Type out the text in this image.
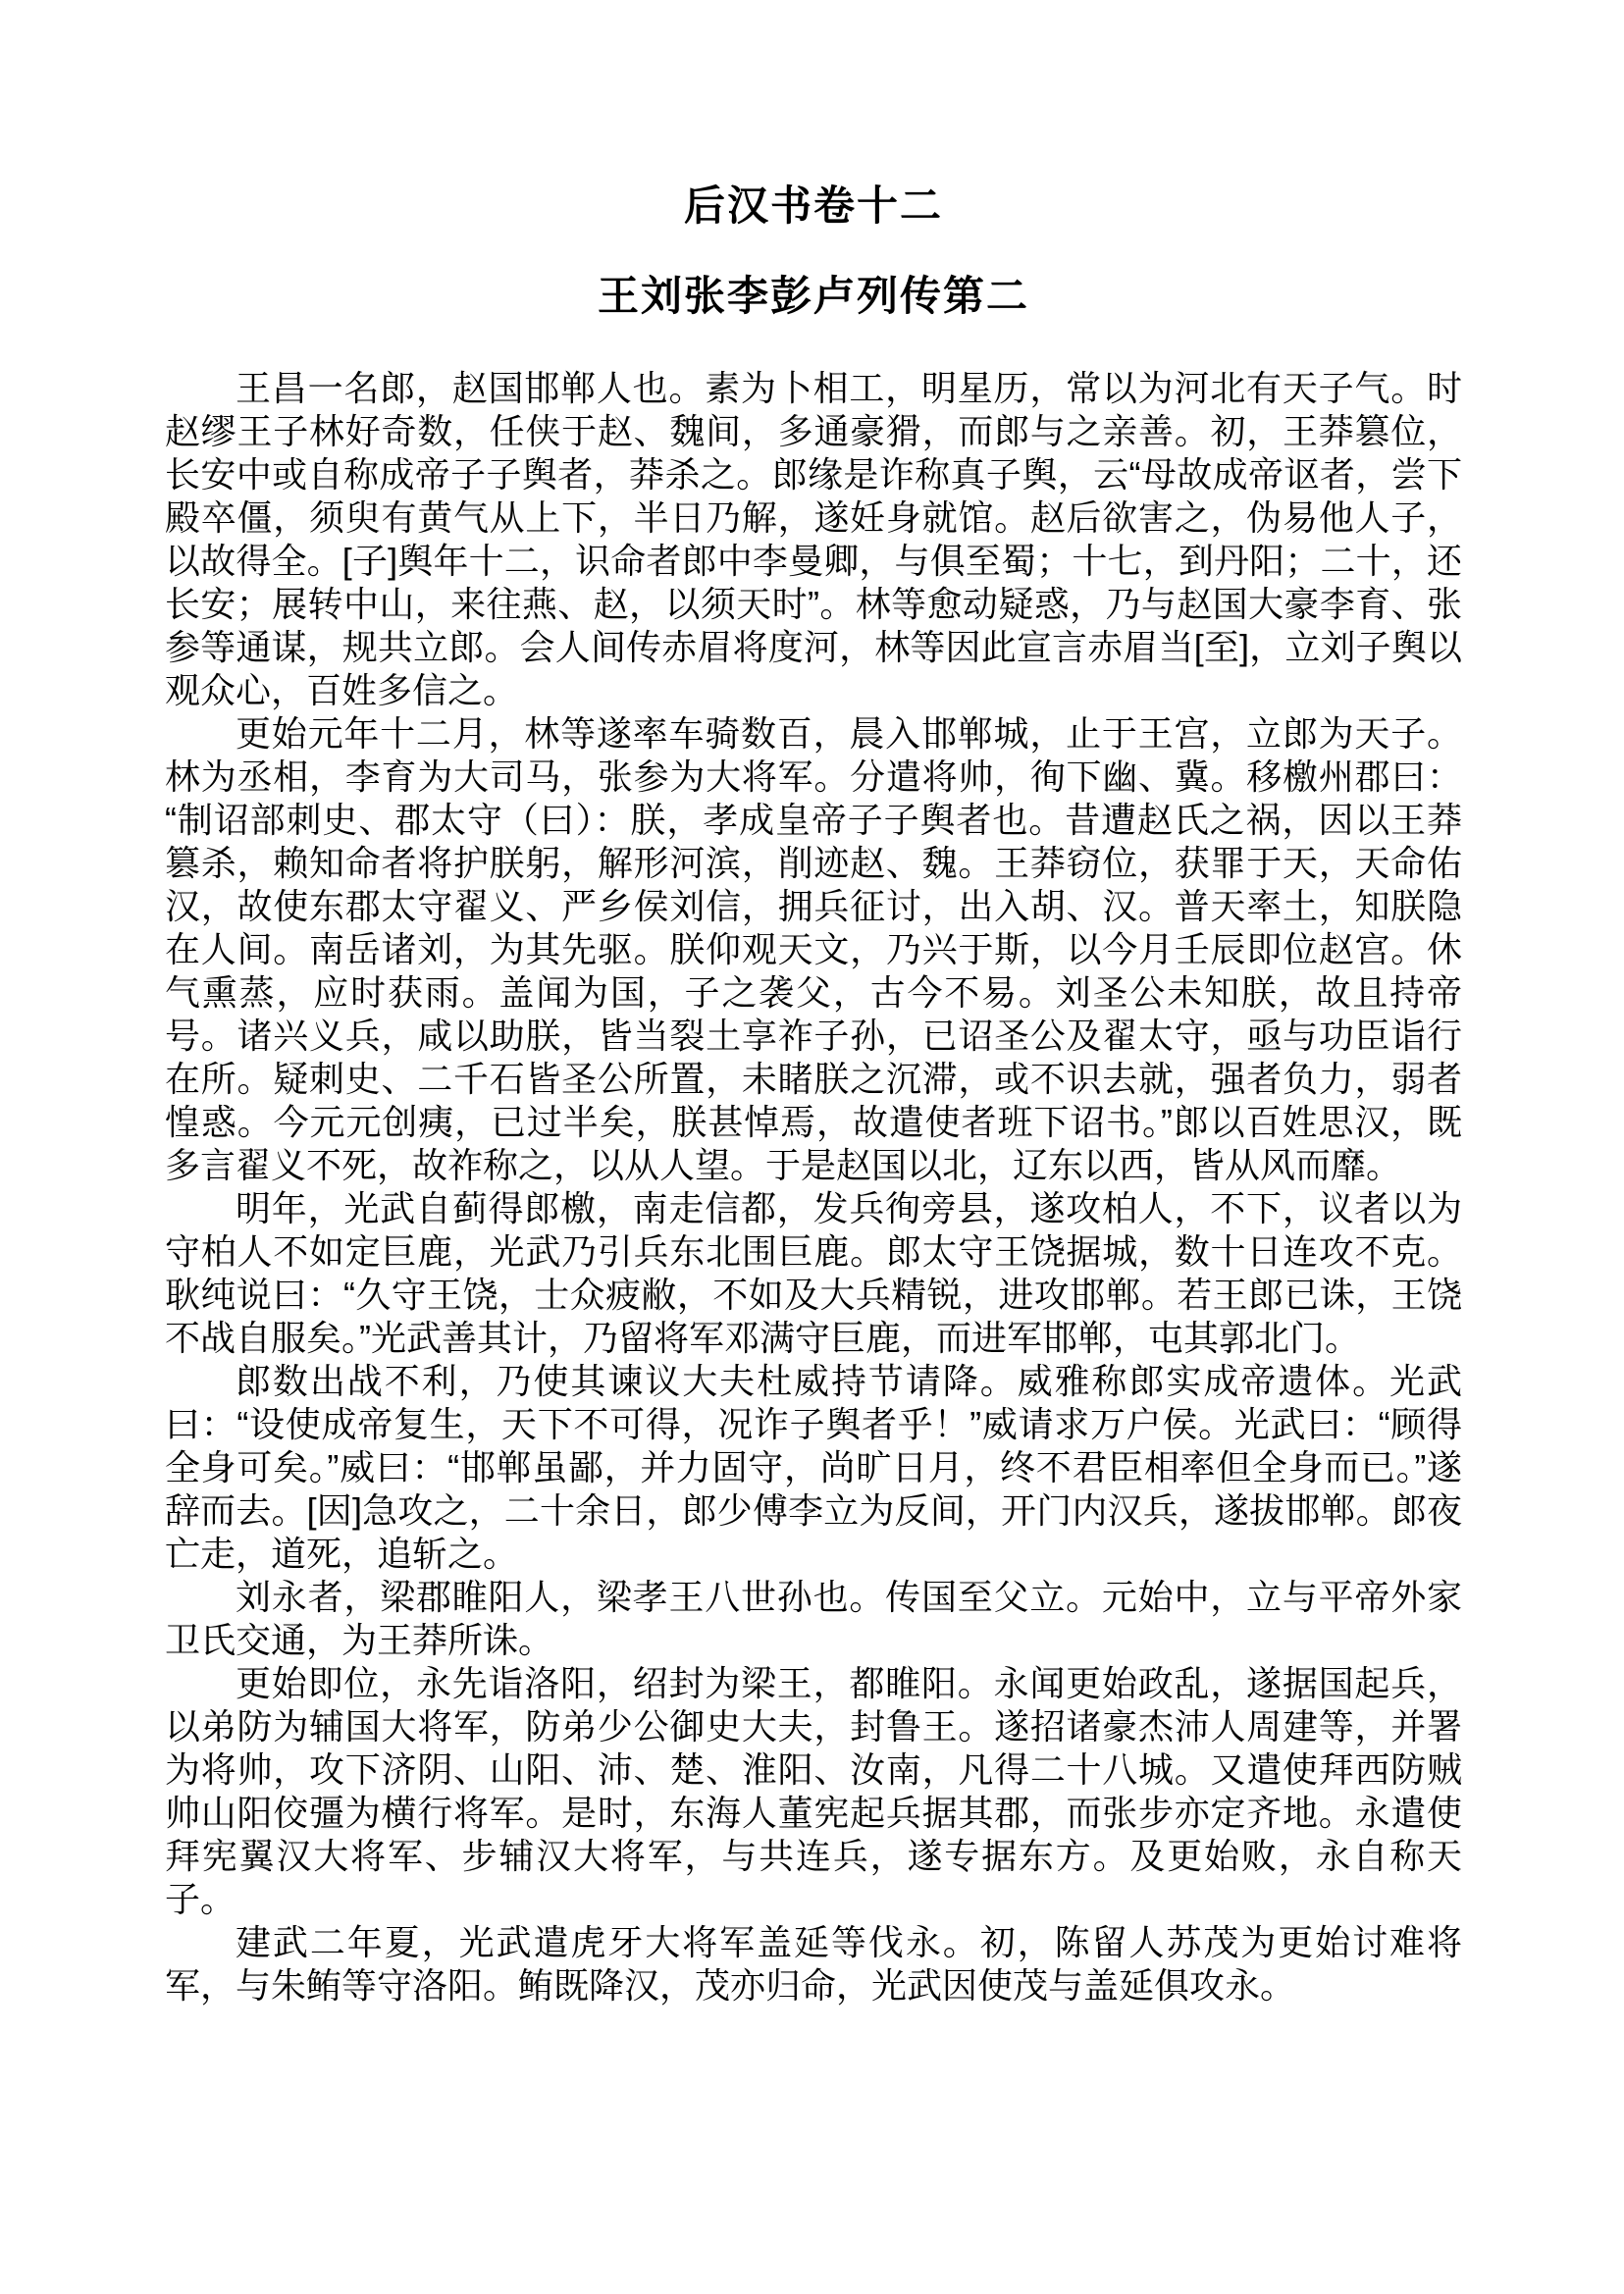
后汉书卷十二
王刘张李彭卢列传第二

王昌一名郎，赵国邯郸人也。素为卜相工，明星历，常以为河北有天子气。时赵缪王子林好奇数，任侠于赵、魏间，多通豪猾，而郎与之亲善。初，王莽篡位，长安中或自称成帝子子舆者，莽杀之。郎缘是诈称真子舆，云“母故成帝讴者，尝下殿卒僵，须臾有黄气从上下，半日乃解，遂妊身就馆。赵后欲害之，伪易他人子，以故得全。[子]舆年十二，识命者郎中李曼卿，与俱至蜀；十七，到丹阳；二十，还长安；展转中山，来往燕、赵，以须天时”。林等愈动疑惑，乃与赵国大豪李育、张参等通谋，规共立郎。会人间传赤眉将度河，林等因此宣言赤眉当[至]，立刘子舆以观众心，百姓多信之。

更始元年十二月，林等遂率车骑数百，晨入邯郸城，止于王宫，立郎为天子。林为丞相，李育为大司马，张参为大将军。分遣将帅，徇下幽、冀。移檄州郡曰：“制诏部刺史、郡太守（曰）：朕，孝成皇帝子子舆者也。昔遭赵氏之祸，因以王莽篡杀，赖知命者将护朕躬，解形河滨，削迹赵、魏。王莽窃位，获罪于天，天命佑汉，故使东郡太守翟义、严乡侯刘信，拥兵征讨，出入胡、汉。普天率土，知朕隐在人间。南岳诸刘，为其先驱。朕仰观天文，乃兴于斯，以今月壬辰即位赵宫。休气熏蒸，应时获雨。盖闻为国，子之袭父，古今不易。刘圣公未知朕，故且持帝号。诸兴义兵，咸以助朕，皆当裂土享祚子孙，已诏圣公及翟太守，亟与功臣诣行在所。疑刺史、二千石皆圣公所置，未睹朕之沉滞，或不识去就，强者负力，弱者惶惑。今元元创痍，已过半矣，朕甚悼焉，故遣使者班下诏书。”郎以百姓思汉，既多言翟义不死，故祚称之，以从人望。于是赵国以北，辽东以西，皆从风而靡。

明年，光武自蓟得郎檄，南走信都，发兵徇旁县，遂攻柏人，不下，议者以为守柏人不如定巨鹿，光武乃引兵东北围巨鹿。郎太守王饶据城，数十日连攻不克。耿纯说曰：“久守王饶，士众疲敝，不如及大兵精锐，进攻邯郸。若王郎已诛，王饶不战自服矣。”光武善其计，乃留将军邓满守巨鹿，而进军邯郸，屯其郭北门。

郎数出战不利，乃使其谏议大夫杜威持节请降。威雅称郎实成帝遗体。光武曰：“设使成帝复生，天下不可得，况诈子舆者乎！”威请求万户侯。光武曰：“顾得全身可矣。”威曰：“邯郸虽鄙，并力固守，尚旷日月，终不君臣相率但全身而已。”遂辞而去。[因]急攻之，二十余日，郎少傅李立为反间，开门内汉兵，遂拔邯郸。郎夜亡走，道死，追斩之。

刘永者，梁郡睢阳人，梁孝王八世孙也。传国至父立。元始中，立与平帝外家卫氏交通，为王莽所诛。

更始即位，永先诣洛阳，绍封为梁王，都睢阳。永闻更始政乱，遂据国起兵，以弟防为辅国大将军，防弟少公御史大夫，封鲁王。遂招诸豪杰沛人周建等，并署为将帅，攻下济阴、山阳、沛、楚、淮阳、汝南，凡得二十八城。又遣使拜西防贼帅山阳佼彊为横行将军。是时，东海人董宪起兵据其郡，而张步亦定齐地。永遣使拜宪翼汉大将军、步辅汉大将军，与共连兵，遂专据东方。及更始败，永自称天子。

建武二年夏，光武遣虎牙大将军盖延等伐永。初，陈留人苏茂为更始讨难将军，与朱鲔等守洛阳。鲔既降汉，茂亦归命，光武因使茂与盖延俱攻永。
